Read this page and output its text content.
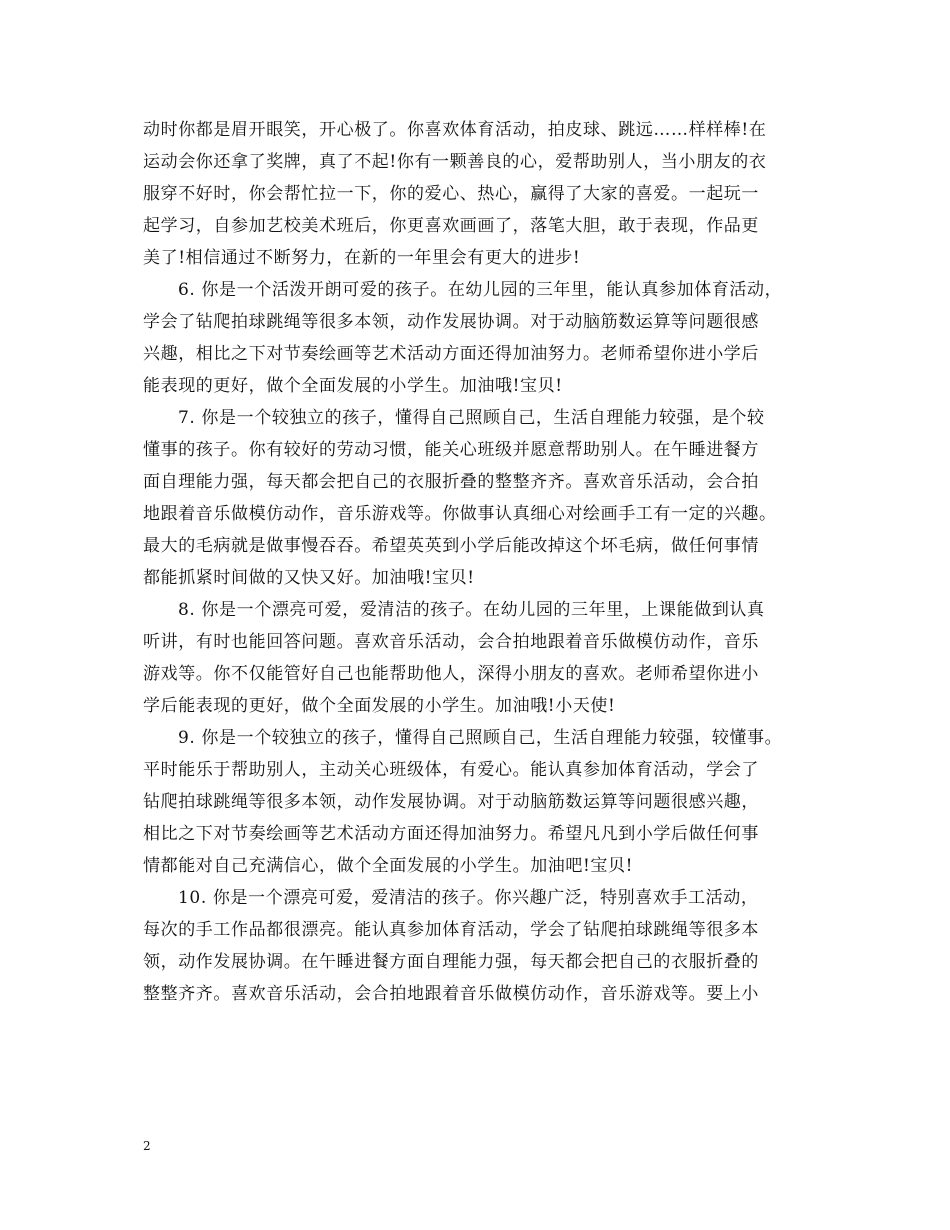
动时你都是眉开眼笑，开心极了。你喜欢体育活动，拍皮球、跳远……样样棒!在
运动会你还拿了奖牌，真了不起!你有一颗善良的心，爱帮助别人，当小朋友的衣
服穿不好时，你会帮忙拉一下，你的爱心、热心，赢得了大家的喜爱。一起玩一
起学习，自参加艺校美术班后，你更喜欢画画了，落笔大胆，敢于表现，作品更
美了!相信通过不断努力，在新的一年里会有更大的进步!
6. 你是一个活泼开朗可爱的孩子。在幼儿园的三年里，能认真参加体育活动，
学会了钻爬拍球跳绳等很多本领，动作发展协调。对于动脑筋数运算等问题很感
兴趣，相比之下对节奏绘画等艺术活动方面还得加油努力。老师希望你进小学后
能表现的更好，做个全面发展的小学生。加油哦!宝贝!
7. 你是一个较独立的孩子，懂得自己照顾自己，生活自理能力较强，是个较
懂事的孩子。你有较好的劳动习惯，能关心班级并愿意帮助别人。在午睡进餐方
面自理能力强，每天都会把自己的衣服折叠的整整齐齐。喜欢音乐活动，会合拍
地跟着音乐做模仿动作，音乐游戏等。你做事认真细心对绘画手工有一定的兴趣。
最大的毛病就是做事慢吞吞。希望英英到小学后能改掉这个坏毛病，做任何事情
都能抓紧时间做的又快又好。加油哦!宝贝!
8. 你是一个漂亮可爱，爱清洁的孩子。在幼儿园的三年里，上课能做到认真
听讲，有时也能回答问题。喜欢音乐活动，会合拍地跟着音乐做模仿动作，音乐
游戏等。你不仅能管好自己也能帮助他人，深得小朋友的喜欢。老师希望你进小
学后能表现的更好，做个全面发展的小学生。加油哦!小天使!
9. 你是一个较独立的孩子，懂得自己照顾自己，生活自理能力较强，较懂事。
平时能乐于帮助别人，主动关心班级体，有爱心。能认真参加体育活动，学会了
钻爬拍球跳绳等很多本领，动作发展协调。对于动脑筋数运算等问题很感兴趣，
相比之下对节奏绘画等艺术活动方面还得加油努力。希望凡凡到小学后做任何事
情都能对自己充满信心，做个全面发展的小学生。加油吧!宝贝!
10. 你是一个漂亮可爱，爱清洁的孩子。你兴趣广泛，特别喜欢手工活动，
每次的手工作品都很漂亮。能认真参加体育活动，学会了钻爬拍球跳绳等很多本
领，动作发展协调。在午睡进餐方面自理能力强，每天都会把自己的衣服折叠的
整整齐齐。喜欢音乐活动，会合拍地跟着音乐做模仿动作，音乐游戏等。要上小
2
